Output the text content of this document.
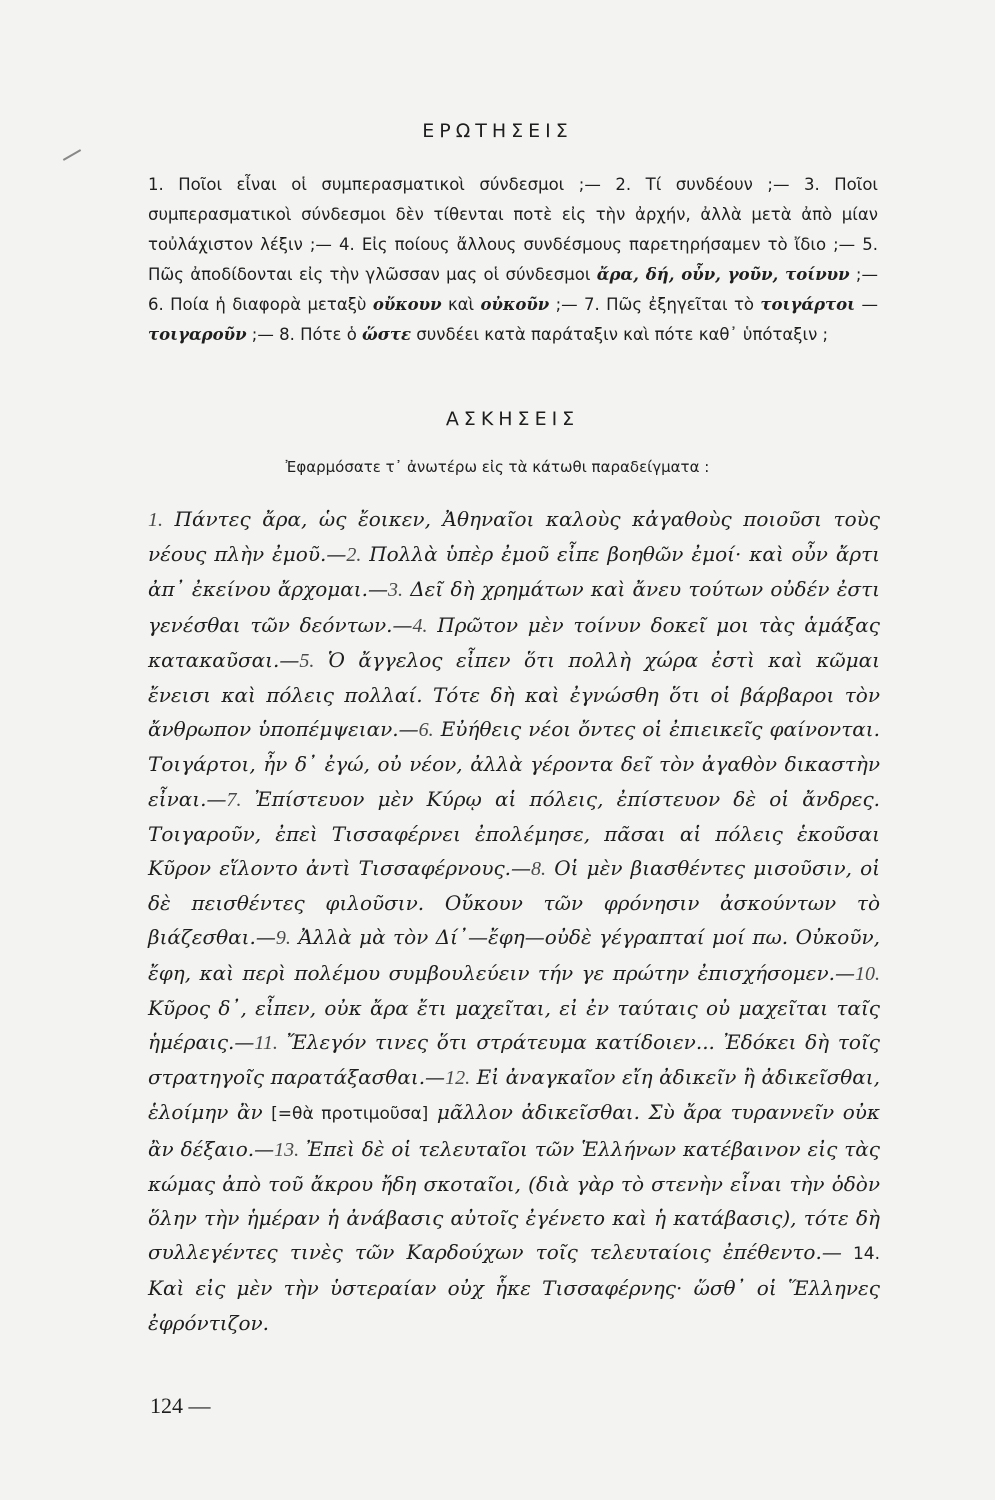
ΕΡΩΤΗΣΕΙΣ

1. Ποῖοι εἶναι οἱ συμπερασματικοὶ σύνδεσμοι ;— 2. Τί συνδέουν ;— 3. Ποῖοι συμπερασματικοὶ σύνδεσμοι δὲν τίθενται ποτὲ εἰς τὴν ἀρχήν, ἀλλὰ μετὰ ἀπὸ μίαν τοὐλάχιστον λέξιν ;— 4. Εἰς ποίους ἄλλους συνδέσμους παρετηρήσαμεν τὸ ἴδιο ;— 5. Πῶς ἀποδίδονται εἰς τὴν γλῶσσαν μας οἱ σύνδεσμοι ἄρα, δή, οὖν, γοῦν, τοίνυν ;— 6. Ποία ἡ διαφορὰ μεταξὺ οὔκουν καὶ οὐκοῦν ;— 7. Πῶς ἐξηγεῖται τὸ τοιγάρτοι — τοιγαροῦν ;— 8. Πότε ὁ ὥστε συνδέει κατὰ παράταξιν καὶ πότε καθ᾽ ὑπόταξιν ;

ΑΣΚΗΣΕΙΣ

Ἐφαρμόσατε τ᾽ ἀνωτέρω εἰς τὰ κάτωθι παραδείγματα :

1. Πάντες ἄρα, ὡς ἔοικεν, Ἀθηναῖοι καλοὺς κἀγαθοὺς ποιοῦσι τοὺς νέους πλὴν ἐμοῦ.—2. Πολλὰ ὑπὲρ ἐμοῦ εἶπε βοηθῶν ἐμοί· καὶ οὖν ἄρτι ἀπ᾽ ἐκείνου ἄρχομαι.—3. Δεῖ δὴ χρημάτων καὶ ἄνευ τούτων οὐδέν ἐστι γενέσθαι τῶν δεόντων.—4. Πρῶτον μὲν τοίνυν δοκεῖ μοι τὰς ἁμάξας κατακαῦσαι.—5. Ὁ ἄγγελος εἶπεν ὅτι πολλὴ χώρα ἐστὶ καὶ κῶμαι ἔνεισι καὶ πόλεις πολλαί. Τότε δὴ καὶ ἐγνώσθη ὅτι οἱ βάρβαροι τὸν ἄνθρωπον ὑποπέμψειαν.—6. Εὐήθεις νέοι ὄντες οἱ ἐπιεικεῖς φαίνονται. Τοιγάρτοι, ἦν δ᾽ ἐγώ, οὐ νέον, ἀλλὰ γέροντα δεῖ τὸν ἀγαθὸν δικαστὴν εἶναι.—7. Ἐπίστευον μὲν Κύρῳ αἱ πόλεις, ἐπίστευον δὲ οἱ ἄνδρες. Τοιγαροῦν, ἐπεὶ Τισσαφέρνει ἐπολέμησε, πᾶσαι αἱ πόλεις ἑκοῦσαι Κῦρον εἵλοντο ἀντὶ Τισσαφέρνους.—8. Οἱ μὲν βιασθέντες μισοῦσιν, οἱ δὲ πεισθέντες φιλοῦσιν. Οὔκουν τῶν φρόνησιν ἀσκούντων τὸ βιάζεσθαι.—9. Ἀλλὰ μὰ τὸν Δί᾽—ἔφη—οὐδὲ γέγραπταί μοί πω. Οὐκοῦν, ἔφη, καὶ περὶ πολέμου συμβουλεύειν τήν γε πρώτην ἐπισχήσομεν.—10. Κῦρος δ᾽, εἶπεν, οὐκ ἄρα ἔτι μαχεῖται, εἰ ἐν ταύταις οὐ μαχεῖται ταῖς ἡμέραις.—11. Ἔλεγόν τινες ὅτι στράτευμα κατίδοιεν... Ἐδόκει δὴ τοῖς στρατηγοῖς παρατάξασθαι.—12. Εἰ ἀναγκαῖον εἴη ἀδικεῖν ἢ ἀδικεῖσθαι, ἑλοίμην ἂν [=θὰ προτιμοῦσα] μᾶλλον ἀδικεῖσθαι. Σὺ ἄρα τυραννεῖν οὐκ ἂν δέξαιο.—13. Ἐπεὶ δὲ οἱ τελευταῖοι τῶν Ἑλλήνων κατέβαινον εἰς τὰς κώμας ἀπὸ τοῦ ἄκρου ἤδη σκοταῖοι, (διὰ γὰρ τὸ στενὴν εἶναι τὴν ὁδὸν ὅλην τὴν ἡμέραν ἡ ἀνάβασις αὐτοῖς ἐγένετο καὶ ἡ κατάβασις), τότε δὴ συλλεγέντες τινὲς τῶν Καρδούχων τοῖς τελευταίοις ἐπέθεντο.— 14. Καὶ εἰς μὲν τὴν ὑστεραίαν οὐχ ἧκε Τισσαφέρνης· ὥσθ᾽ οἱ Ἕλληνες ἐφρόντιζον.

124 —
